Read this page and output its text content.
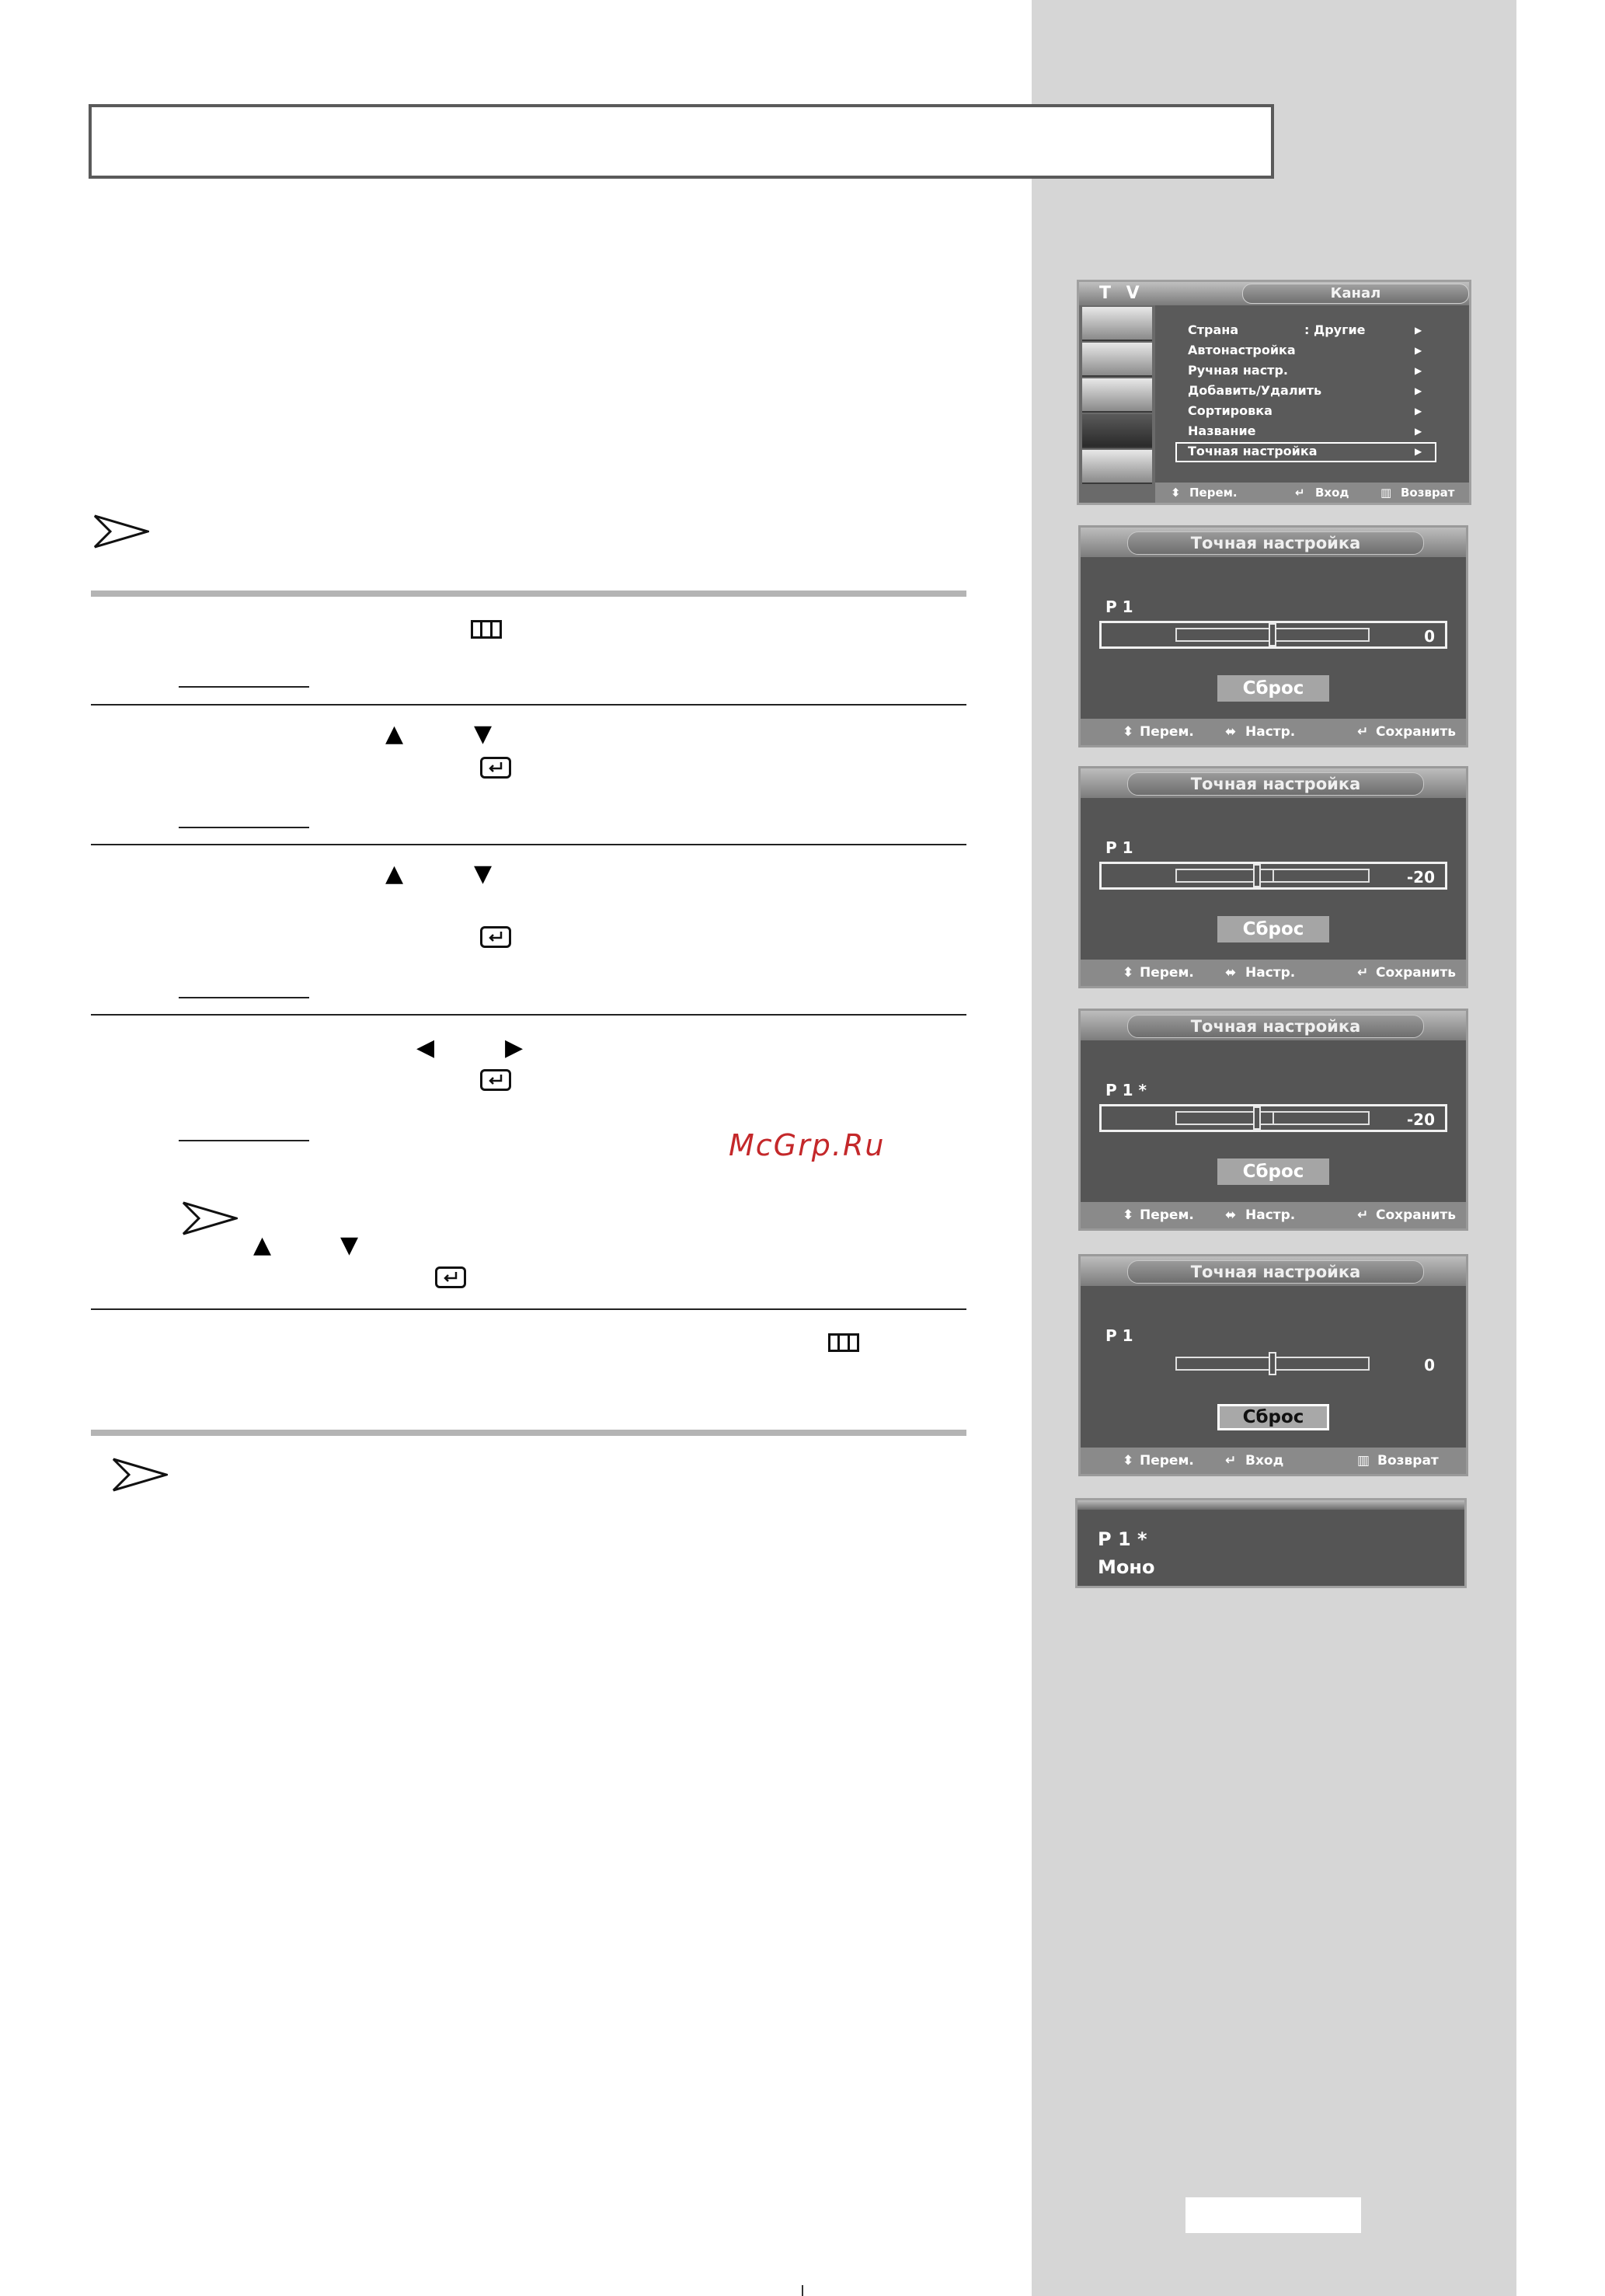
▲	▼
▲	▼
◀	▶
McGrp.Ru
▲	▼
T V	Канал
Страна	: Другие	▶
Автонастройка	▶
Ручная настр.	▶
Добавить/Удалить	▶
Сортировка	▶
Название	▶
Точная настройка	▶
⬍ Перем.	↵ Вход	▥ Возврат
Точная настройка
P 1
0
Сброс
⬍ Перем. ⬌ Настр.	↵ Сохранить
Точная настройка
P 1
-20
Сброс
⬍ Перем. ⬌ Настр.	↵ Сохранить
Точная настройка
P 1 *
-20
Сброс
⬍ Перем. ⬌ Настр.	↵ Сохранить
Точная настройка
P 1
0
Сброс
⬍ Перем. ↵ Вход	▥ Возврат
P 1 *
Моно
